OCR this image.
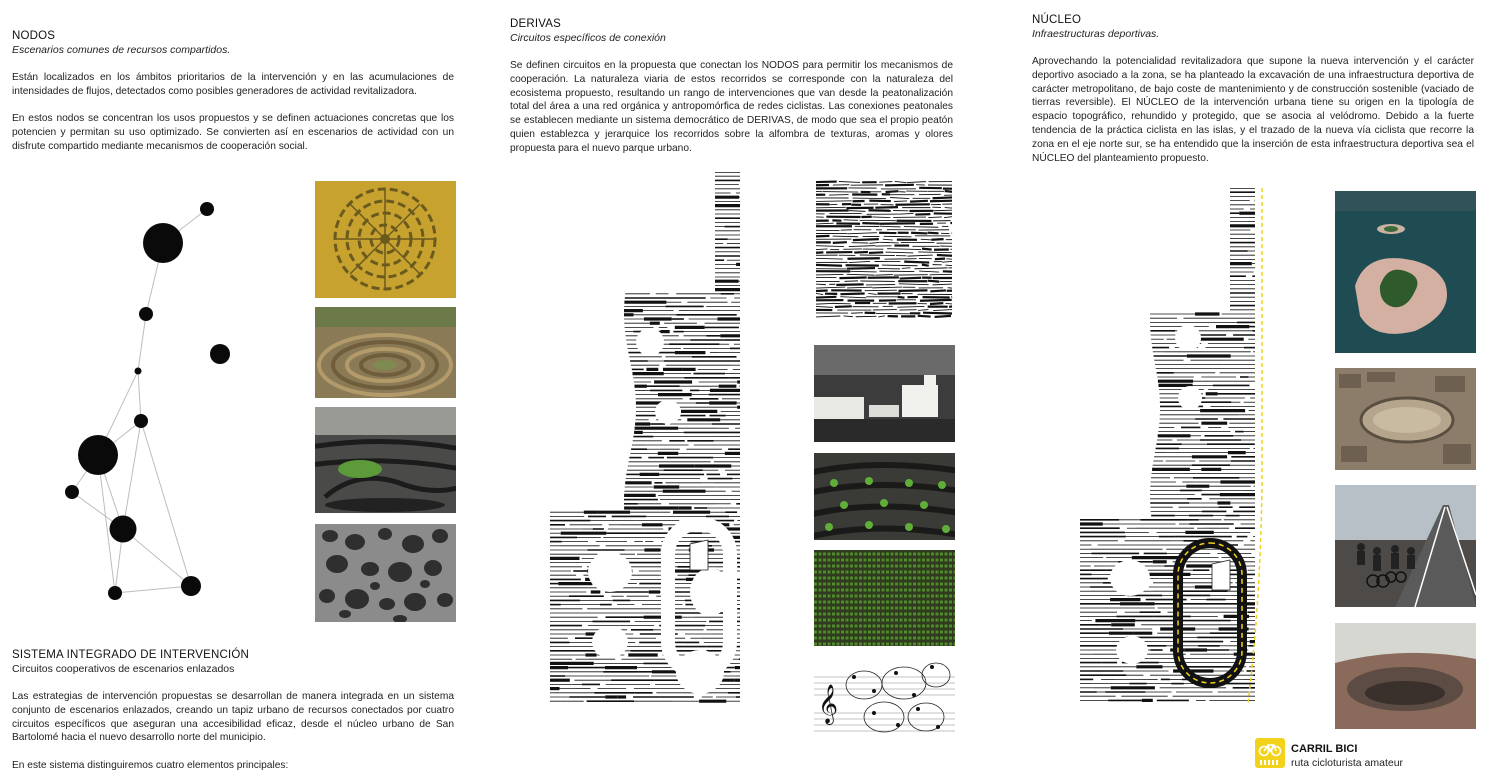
NODOS
Escenarios comunes de recursos compartidos.

Están localizados en los ámbitos prioritarios de la intervención y en las acumulaciones de intensidades de flujos, detectados como posibles generadores de actividad revitalizadora.

En estos nodos se concentran los usos propuestos y se definen actuaciones concretas que los potencien y permitan su uso optimizado. Se convierten así en escenarios de actividad con un disfrute compartido mediante mecanismos de cooperación social.

SISTEMA INTEGRADO DE INTERVENCIÓN
Circuitos cooperativos de escenarios enlazados

Las estrategias de intervención propuestas se desarrollan de manera integrada en un sistema conjunto de escenarios enlazados, creando un tapiz urbano de recursos conectados por cuatro circuitos específicos que aseguran una accesibilidad eficaz, desde el núcleo urbano de San Bartolomé hacia el nuevo desarrollo norte del municipio.

En este sistema distinguiremos cuatro elementos principales:

DERIVAS
Circuitos específicos de conexión

Se definen circuitos en la propuesta que conectan los NODOS para permitir los mecanismos de cooperación. La naturaleza viaria de estos recorridos se corresponde con la naturaleza del ecosistema propuesto, resultando un rango de intervenciones que van desde la peatonalización total del área a una red orgánica y antropomórfica de redes ciclistas. Las conexiones peatonales se establecen mediante un sistema democrático de DERIVAS, de modo que sea el propio peatón quien establezca y jerarquice los recorridos sobre la alfombra de texturas, aromas y olores propuesta para el nuevo parque urbano.

𝄞
NÚCLEO
Infraestructuras deportivas.

Aprovechando la potencialidad revitalizadora que supone la nueva intervención y el carácter deportivo asociado a la zona, se ha planteado la excavación de una infraestructura deportiva de carácter metropolitano, de bajo coste de mantenimiento y de construcción sostenible (vaciado de tierras reversible). El NÚCLEO de la intervención urbana tiene su origen en la tipología de espacio topográfico, rehundido y protegido, que se asocia al velódromo. Debido a la fuerte tendencia de la práctica ciclista en las islas, y el trazado de la nueva vía ciclista que recorre la zona en el eje norte sur, se ha entendido que la inserción de esta infraestructura deportiva sea el NÚCLEO del planteamiento propuesto.

CARRIL BICI
ruta cicloturista amateur
